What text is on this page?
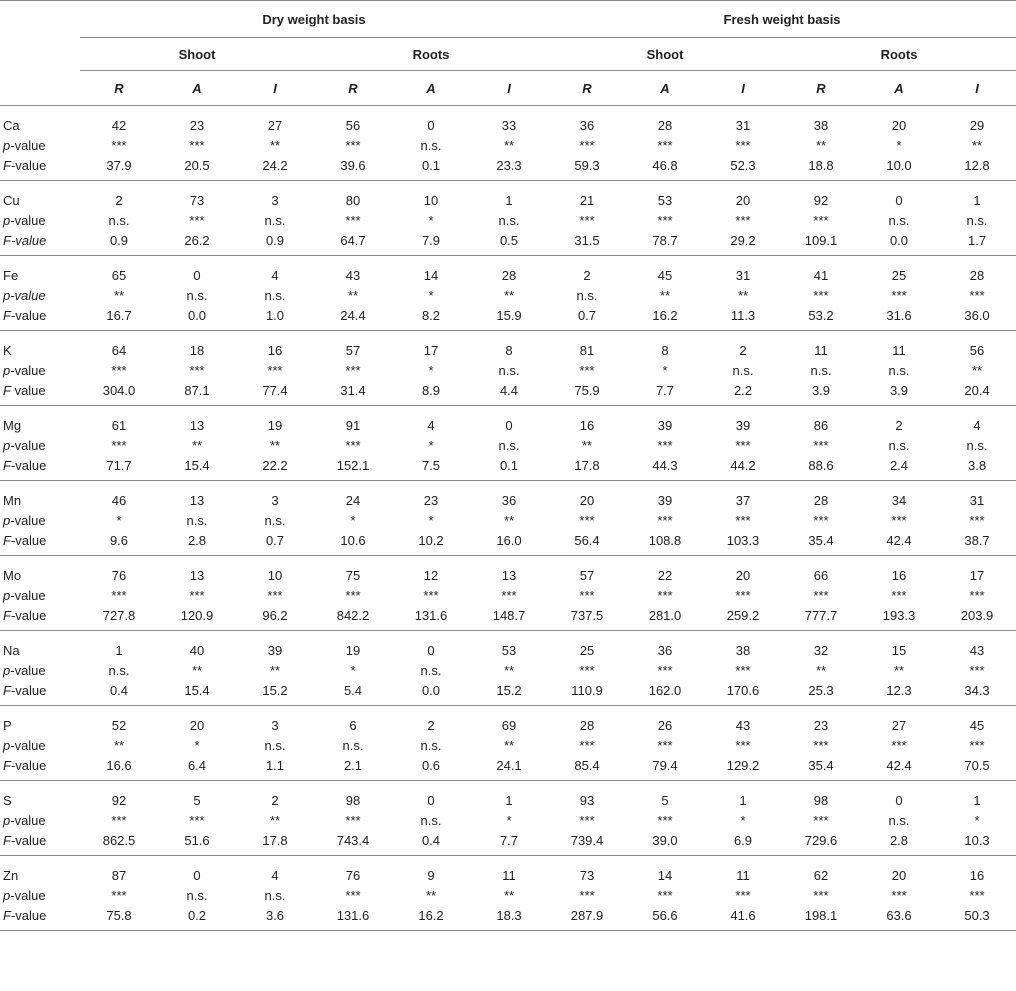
	Dry weight basis						Fresh weight basis					
	Shoot			Roots			Shoot			Roots		
	R	A	I	R	A	I	R	A	I	R	A	I
Ca	42	23	27	56	0	33	36	28	31	38	20	29
p-value	***	***	**	***	n.s.	**	***	***	***	**	*	**
F-value	37.9	20.5	24.2	39.6	0.1	23.3	59.3	46.8	52.3	18.8	10.0	12.8
Cu	2	73	3	80	10	1	21	53	20	92	0	1
p-value	n.s.	***	n.s.	***	*	n.s.	***	***	***	***	n.s.	n.s.
F-value	0.9	26.2	0.9	64.7	7.9	0.5	31.5	78.7	29.2	109.1	0.0	1.7
Fe	65	0	4	43	14	28	2	45	31	41	25	28
p-value	**	n.s.	n.s.	**	*	**	n.s.	**	**	***	***	***
F-value	16.7	0.0	1.0	24.4	8.2	15.9	0.7	16.2	11.3	53.2	31.6	36.0
K	64	18	16	57	17	8	81	8	2	11	11	56
p-value	***	***	***	***	*	n.s.	***	*	n.s.	n.s.	n.s.	**
F value	304.0	87.1	77.4	31.4	8.9	4.4	75.9	7.7	2.2	3.9	3.9	20.4
Mg	61	13	19	91	4	0	16	39	39	86	2	4
p-value	***	**	**	***	*	n.s.	**	***	***	***	n.s.	n.s.
F-value	71.7	15.4	22.2	152.1	7.5	0.1	17.8	44.3	44.2	88.6	2.4	3.8
Mn	46	13	3	24	23	36	20	39	37	28	34	31
p-value	*	n.s.	n.s.	*	*	**	***	***	***	***	***	***
F-value	9.6	2.8	0.7	10.6	10.2	16.0	56.4	108.8	103.3	35.4	42.4	38.7
Mo	76	13	10	75	12	13	57	22	20	66	16	17
p-value	***	***	***	***	***	***	***	***	***	***	***	***
F-value	727.8	120.9	96.2	842.2	131.6	148.7	737.5	281.0	259.2	777.7	193.3	203.9
Na	1	40	39	19	0	53	25	36	38	32	15	43
p-value	n.s.	**	**	*	n.s.	**	***	***	***	**	**	***
F-value	0.4	15.4	15.2	5.4	0.0	15.2	110.9	162.0	170.6	25.3	12.3	34.3
P	52	20	3	6	2	69	28	26	43	23	27	45
p-value	**	*	n.s.	n.s.	n.s.	**	***	***	***	***	***	***
F-value	16.6	6.4	1.1	2.1	0.6	24.1	85.4	79.4	129.2	35.4	42.4	70.5
S	92	5	2	98	0	1	93	5	1	98	0	1
p-value	***	***	**	***	n.s.	*	***	***	*	***	n.s.	*
F-value	862.5	51.6	17.8	743.4	0.4	7.7	739.4	39.0	6.9	729.6	2.8	10.3
Zn	87	0	4	76	9	11	73	14	11	62	20	16
p-value	***	n.s.	n.s.	***	**	**	***	***	***	***	***	***
F-value	75.8	0.2	3.6	131.6	16.2	18.3	287.9	56.6	41.6	198.1	63.6	50.3
